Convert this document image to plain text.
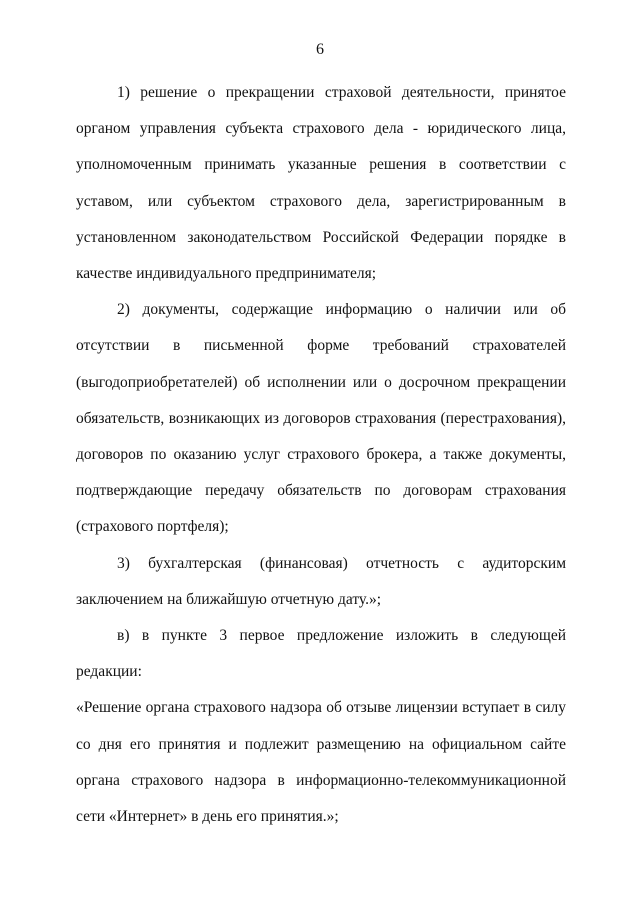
6

1) решение о прекращении страховой деятельности, принятое органом управления субъекта страхового дела - юридического лица, уполномоченным принимать указанные решения в соответствии с уставом, или субъектом страхового дела, зарегистрированным в установленном законодательством Российской Федерации порядке в качестве индивидуального предпринимателя;

2) документы, содержащие информацию о наличии или об отсутствии в письменной форме требований страхователей (выгодоприобретателей) об исполнении или о досрочном прекращении обязательств, возникающих из договоров страхования (перестрахования), договоров по оказанию услуг страхового брокера, а также документы, подтверждающие передачу обязательств по договорам страхования (страхового портфеля);

3) бухгалтерская (финансовая) отчетность с аудиторским заключением на ближайшую отчетную дату.»;

в) в пункте 3 первое предложение изложить в следующей редакции:

«Решение органа страхового надзора об отзыве лицензии вступает в силу со дня его принятия и подлежит размещению на официальном сайте органа страхового надзора в информационно-телекоммуникационной сети «Интернет» в день его принятия.»;
